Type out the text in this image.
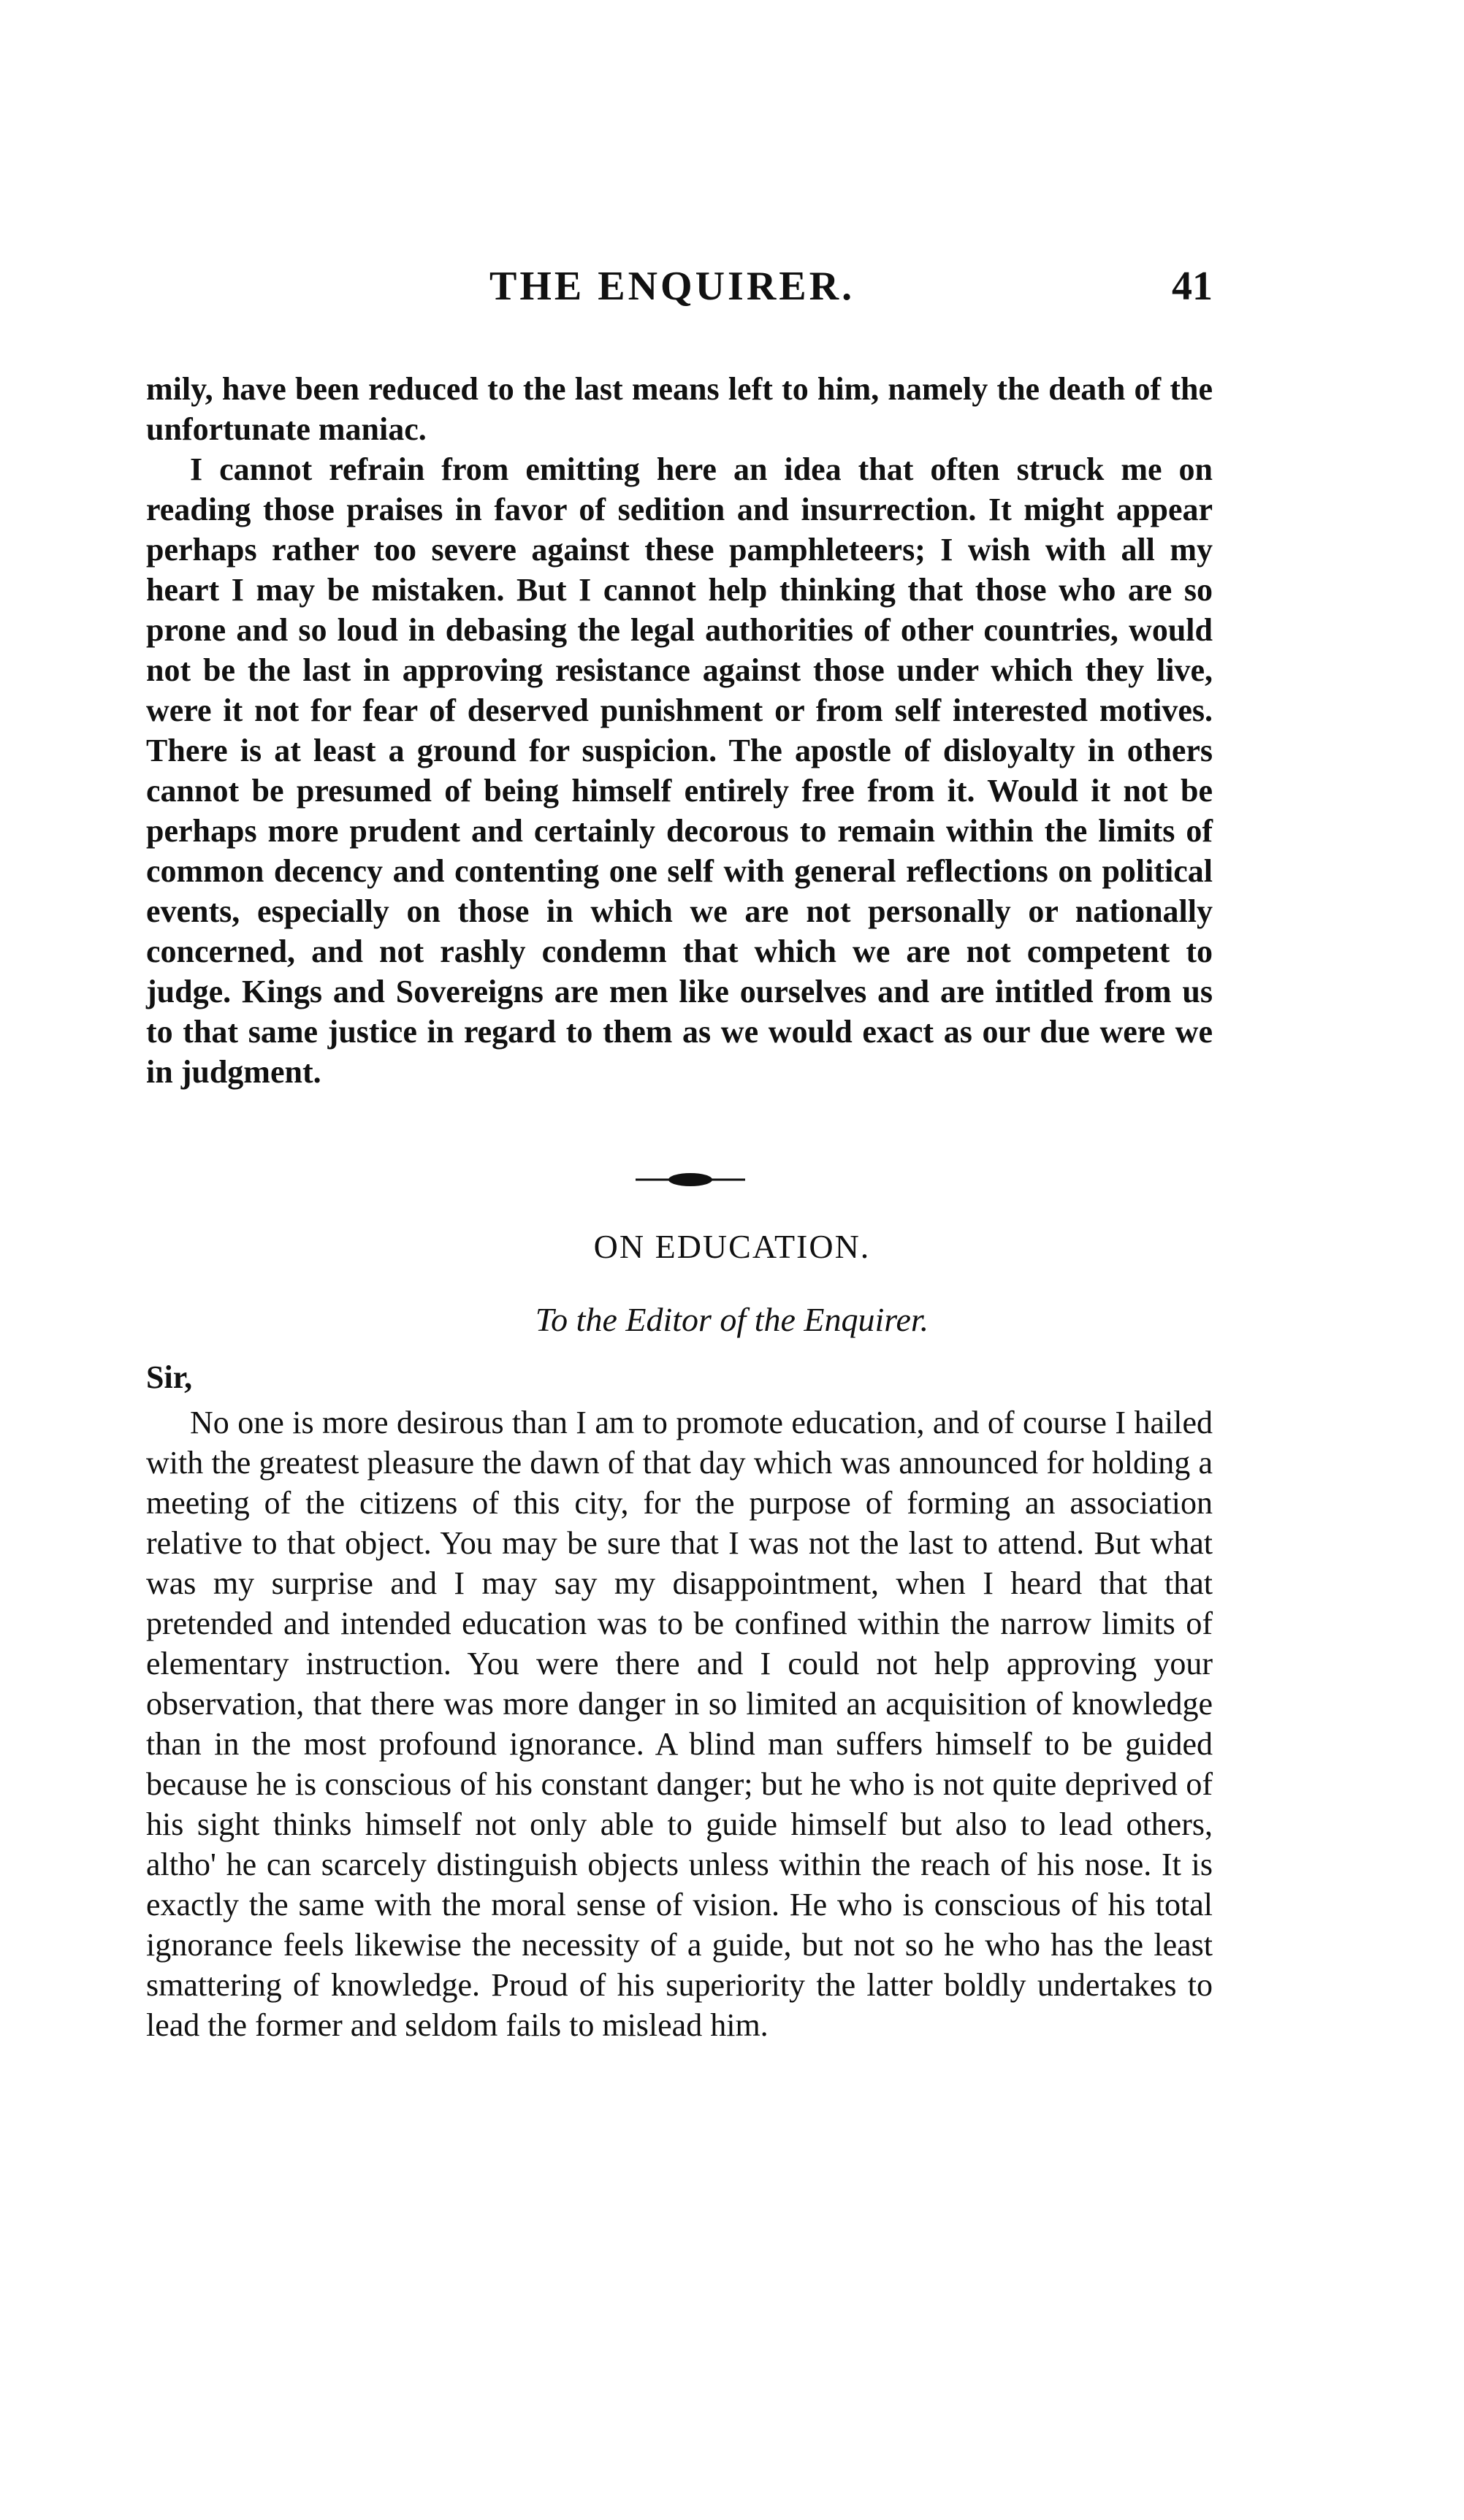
THE ENQUIRER.	41

mily, have been reduced to the last means left to him, namely the death of the unfortunate maniac.

I cannot refrain from emitting here an idea that often struck me on reading those praises in favor of sedition and insurrection. It might appear perhaps rather too severe against these pamphleteers; I wish with all my heart I may be mistaken. But I cannot help thinking that those who are so prone and so loud in debasing the legal authorities of other countries, would not be the last in approving resistance against those under which they live, were it not for fear of deserved punishment or from self interested motives. There is at least a ground for suspicion. The apostle of disloyalty in others cannot be presumed of being himself entirely free from it. Would it not be perhaps more prudent and certainly decorous to remain within the limits of common decency and contenting one self with general reflections on political events, especially on those in which we are not personally or nationally concerned, and not rashly condemn that which we are not competent to judge. Kings and Sovereigns are men like ourselves and are intitled from us to that same justice in regard to them as we would exact as our due were we in judgment.

ON EDUCATION.
To the Editor of the Enquirer.
Sir,

No one is more desirous than I am to promote education, and of course I hailed with the greatest pleasure the dawn of that day which was announced for holding a meeting of the citizens of this city, for the purpose of forming an association relative to that object. You may be sure that I was not the last to attend. But what was my surprise and I may say my disappointment, when I heard that that pretended and intended education was to be confined within the narrow limits of elementary instruction. You were there and I could not help approving your observation, that there was more danger in so limited an acquisition of knowledge than in the most profound ignorance. A blind man suffers himself to be guided because he is conscious of his constant danger; but he who is not quite deprived of his sight thinks himself not only able to guide himself but also to lead others, altho' he can scarcely distinguish objects unless within the reach of his nose. It is exactly the same with the moral sense of vision. He who is conscious of his total ignorance feels likewise the necessity of a guide, but not so he who has the least smattering of knowledge. Proud of his superiority the latter boldly undertakes to lead the former and seldom fails to mislead him.
